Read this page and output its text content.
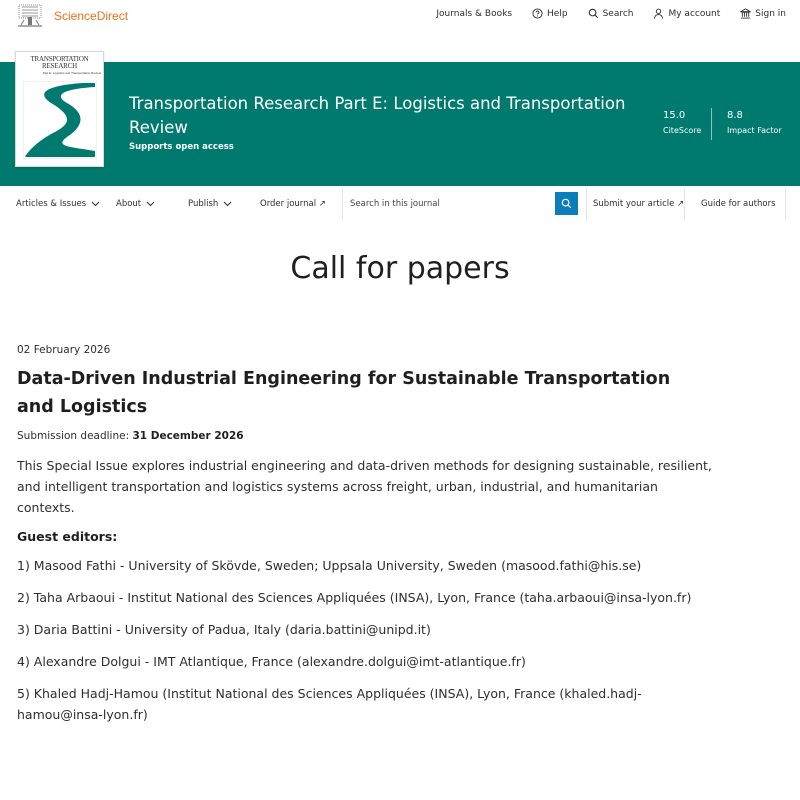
ScienceDirect	Journals & Books	Help	Search	My account	Sign in
TRANSPORTATION
RESEARCH
Part E: Logistics and Transportation Review
Transportation Research Part E: Logistics and Transportation Review
Supports open access
15.0
CiteScore
8.8
Impact Factor
Articles & Issues	About	Publish	Order journal ↗
Search in this journal	Submit your article ↗ Guide for authors
Call for papers
02 February 2026
Data-Driven Industrial Engineering for Sustainable Transportation and Logistics
Submission deadline: 31 December 2026

This Special Issue explores industrial engineering and data-driven methods for designing sustainable, resilient, and intelligent transportation and logistics systems across freight, urban, industrial, and humanitarian contexts.

Guest editors:

1) Masood Fathi - University of Skövde, Sweden; Uppsala University, Sweden (masood.fathi@his.se)

2) Taha Arbaoui - Institut National des Sciences Appliquées (INSA), Lyon, France (taha.arbaoui@insa-lyon.fr)

3) Daria Battini - University of Padua, Italy (daria.battini@unipd.it)

4) Alexandre Dolgui - IMT Atlantique, France (alexandre.dolgui@imt-atlantique.fr)

5) Khaled Hadj-Hamou (Institut National des Sciences Appliquées (INSA), Lyon, France (khaled.hadj-hamou@insa-lyon.fr)
